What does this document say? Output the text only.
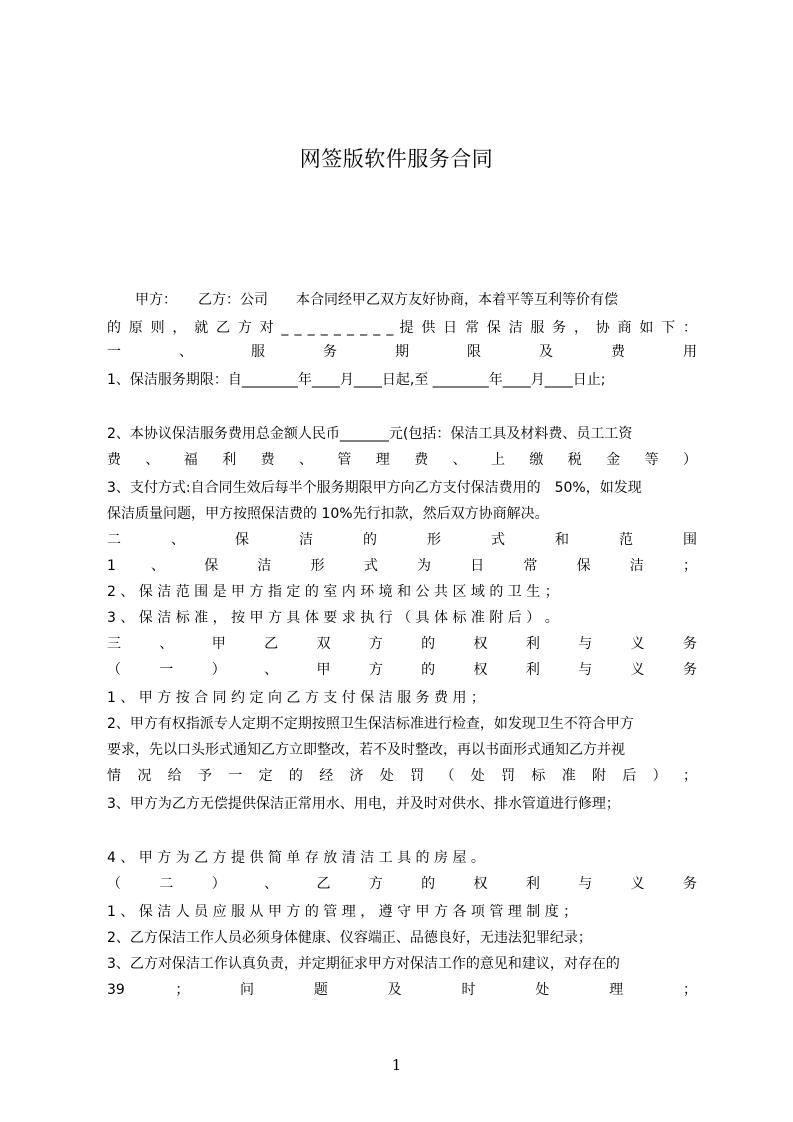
网签版软件服务合同
　　甲方：　　乙方：公司　　本合同经甲乙双方友好协商，本着平等互利等价有偿
的 原 则 ， 就 乙 方 对 _ _ _ _ _ _ _ _ _ 提 供 日 常 保 洁 服 务 ， 协 商 如 下 ：
一 　 　 、 　 　 服 　 　 务 　 　 期 　 　 限 　 　 及 　 　 费 　 　 用
1、保洁服务期限：自________年____月____日起,至 ________年____月____日止;
2、本协议保洁服务费用总金额人民币_______元(包括：保洁工具及材料费、员工工资
费 　 、 　 福 　 利 　 费 　 、 　 管 　 理 　 费 　 、 　 上 　 缴 　 税 　 金 　 等 　 ） 　
3、支付方式:自合同生效后每半个服务期限甲方向乙方支付保洁费用的　50%，如发现
保洁质量问题，甲方按照保洁费的 10%先行扣款，然后双方协商解决。
二 　 　 、 　 　 保 　 　 洁 　 　 的 　 　 形 　 　 式 　 　 和 　 　 范 　 　 围
1 　 、 　 保 　 洁 　 形 　 式 　 为 　 日 　 常 　 保 　 洁 　 ；
2 、 保 洁 范 围 是 甲 方 指 定 的 室 内 环 境 和 公 共 区 域 的 卫 生 ；
3 、 保 洁 标 准 ， 按 甲 方 具 体 要 求 执 行 （ 具 体 标 准 附 后 ） 。
三 　 、 　 甲 　 乙 　 双 　 方 　 的 　 权 　 利 　 与 　 义 　 务
（ 　 一 　 ） 　 、 　 甲 　 方 　 的 　 权 　 利 　 与 　 义 　 务
1 、 甲 方 按 合 同 约 定 向 乙 方 支 付 保 洁 服 务 费 用 ；
2、甲方有权指派专人定期不定期按照卫生保洁标准进行检查，如发现卫生不符合甲方
要求，先以口头形式通知乙方立即整改，若不及时整改，再以书面形式通知乙方并视
情 况 给 予 一 定 的 经 济 处 罚 （ 处 罚 标 准 附 后 ） ；
3、甲方为乙方无偿提供保洁正常用水、用电，并及时对供水、排水管道进行修理；
4 、 甲 方 为 乙 方 提 供 简 单 存 放 清 洁 工 具 的 房 屋 。
（ 　 二 　 ） 　 、 　 乙 　 方 　 的 　 权 　 利 　 与 　 义 　 务
1 、 保 洁 人 员 应 服 从 甲 方 的 管 理 ， 遵 守 甲 方 各 项 管 理 制 度 ；
2、乙方保洁工作人员必须身体健康、仪容端正、品德良好，无违法犯罪纪录；
3、乙方对保洁工作认真负责，并定期征求甲方对保洁工作的意见和建议，对存在的
39 　 ； 　 问 　 题 　 及 　 时 　 处 　 理 　 ；
1
